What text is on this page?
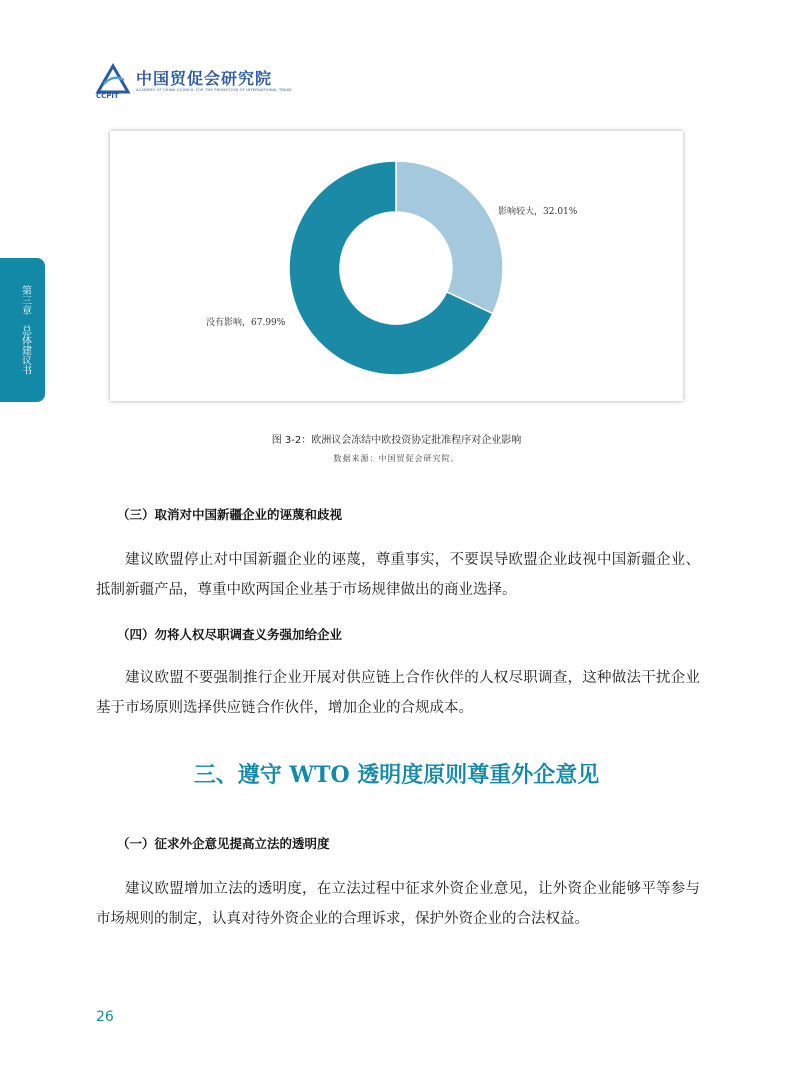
CCPIT
中国贸促会研究院
ACADEMY OF CHINA COUNCIL FOR THE PROMOTION OF INTERNATIONAL TRADE
第三章
总体建议书
影响较大，32.01%
没有影响，67.99%
图 3-2：欧洲议会冻结中欧投资协定批准程序对企业影响
数据来源：中国贸促会研究院。
（三）取消对中国新疆企业的诬蔑和歧视
建议欧盟停止对中国新疆企业的诬蔑，尊重事实，不要误导欧盟企业歧视中国新疆企业、抵制新疆产品，尊重中欧两国企业基于市场规律做出的商业选择。
（四）勿将人权尽职调查义务强加给企业
建议欧盟不要强制推行企业开展对供应链上合作伙伴的人权尽职调查，这种做法干扰企业基于市场原则选择供应链合作伙伴，增加企业的合规成本。
三、遵守 WTO 透明度原则尊重外企意见
（一）征求外企意见提高立法的透明度
建议欧盟增加立法的透明度，在立法过程中征求外资企业意见，让外资企业能够平等参与市场规则的制定，认真对待外资企业的合理诉求，保护外资企业的合法权益。
26
